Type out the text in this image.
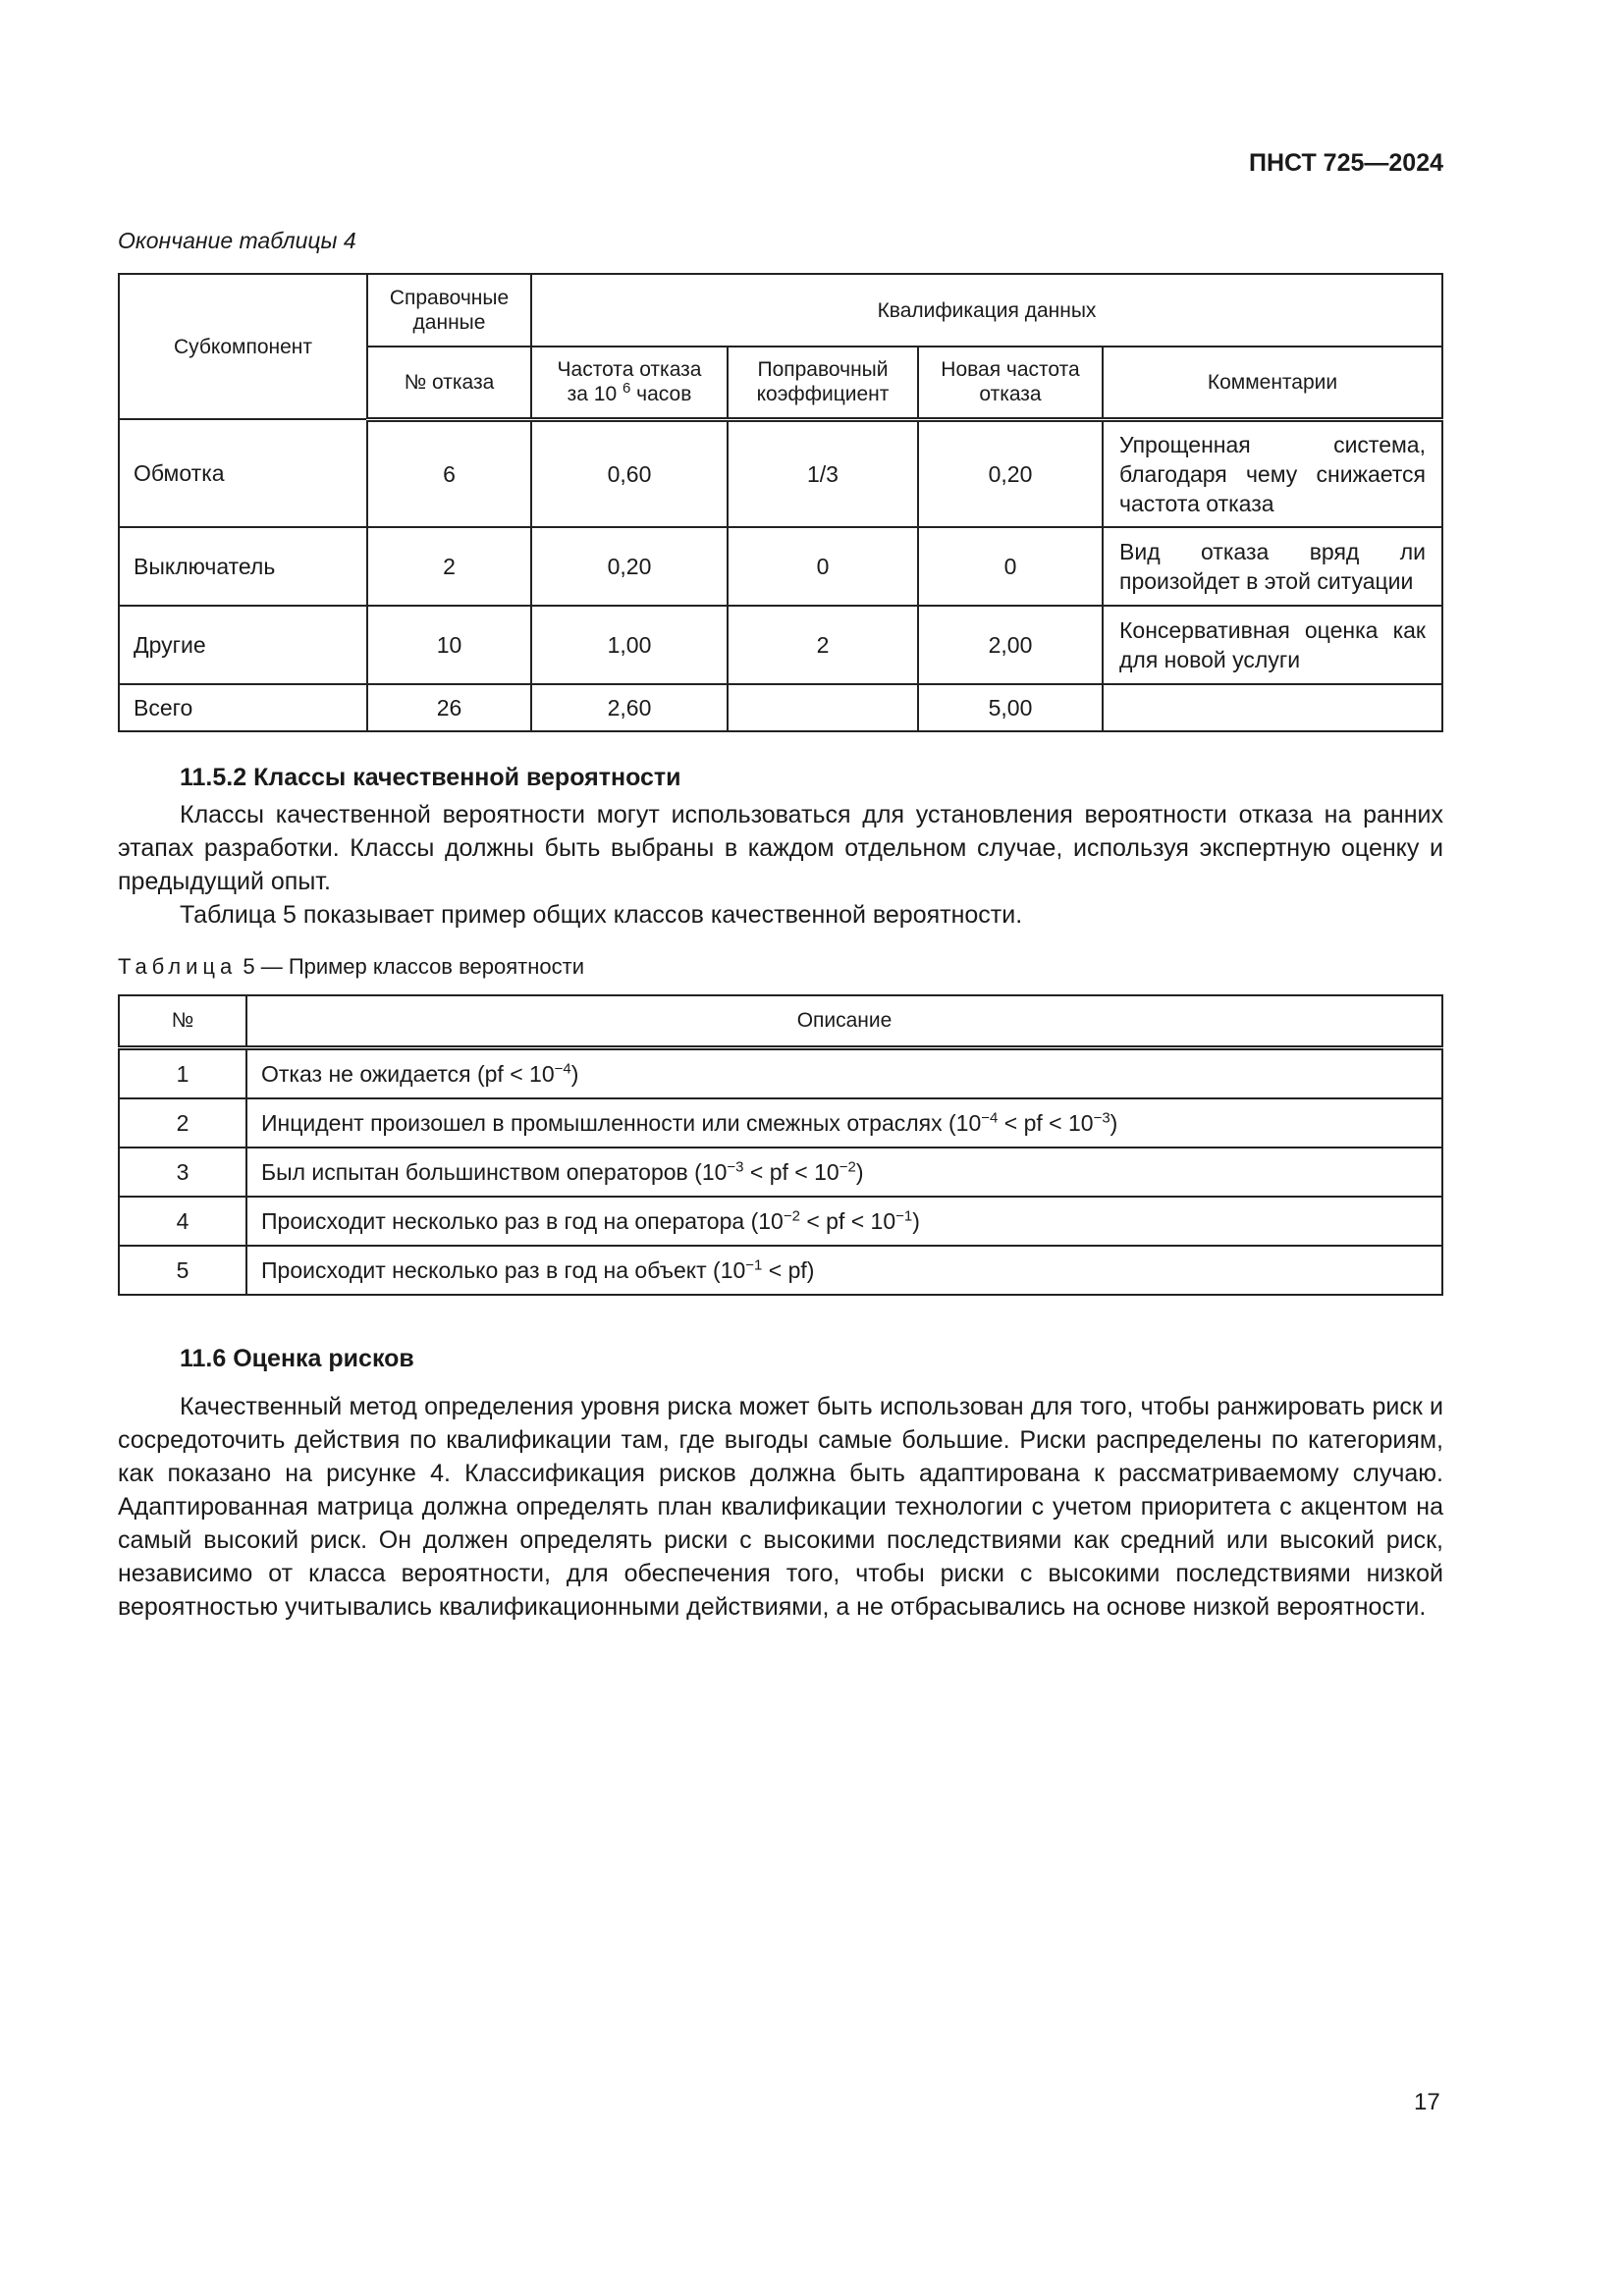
ПНСТ 725—2024
Окончание таблицы 4
Субкомпонент	Справочные данные	Квалификация данных			
	№ отказа	Частота отказа за 10 $^6$ часов	Поправочный коэффициент	Новая частота отказа	Комментарии
Обмотка	6	0,60	1/3	0,20	Упрощенная система, благодаря чему снижается частота отказа
Выключатель	2	0,20	0	0	Вид отказа вряд ли произойдет в этой ситуации
Другие	10	1,00	2	2,00	Консервативная оценка как для новой услуги
Всего	26	2,60		5,00	
11.5.2 Классы качественной вероятности
Классы качественной вероятности могут использоваться для установления вероятности отказа на ранних этапах разработки. Классы должны быть выбраны в каждом отдельном случае, используя экспертную оценку и предыдущий опыт.
Таблица 5 показывает пример общих классов качественной вероятности.
Таблица 5 — Пример классов вероятности
№	Описание
1	Отказ не ожидается $(pf < 10^{-4})$
2	Инцидент произошел в промышленности или смежных отраслях ($10^{-4}$ < pf < $10^{-3}$)
3	Был испытан большинством операторов ($10^{-3}$ < pf < $10^{-2}$)
4	Происходит несколько раз в год на оператора ($10^{-2}$ < pf < $10^{-1}$)
5	Происходит несколько раз в год на объект $(10^{-1} < pf)$
11.6 Оценка рисков
Качественный метод определения уровня риска может быть использован для того, чтобы ранжировать риск и сосредоточить действия по квалификации там, где выгоды самые большие. Риски распределены по категориям, как показано на рисунке 4. Классификация рисков должна быть адаптирована к рассматриваемому случаю. Адаптированная матрица должна определять план квалификации технологии с учетом приоритета с акцентом на самый высокий риск. Он должен определять риски с высокими последствиями как средний или высокий риск, независимо от класса вероятности, для обеспечения того, чтобы риски с высокими последствиями низкой вероятностью учитывались квалификационными действиями, а не отбрасывались на основе низкой вероятности.
17
